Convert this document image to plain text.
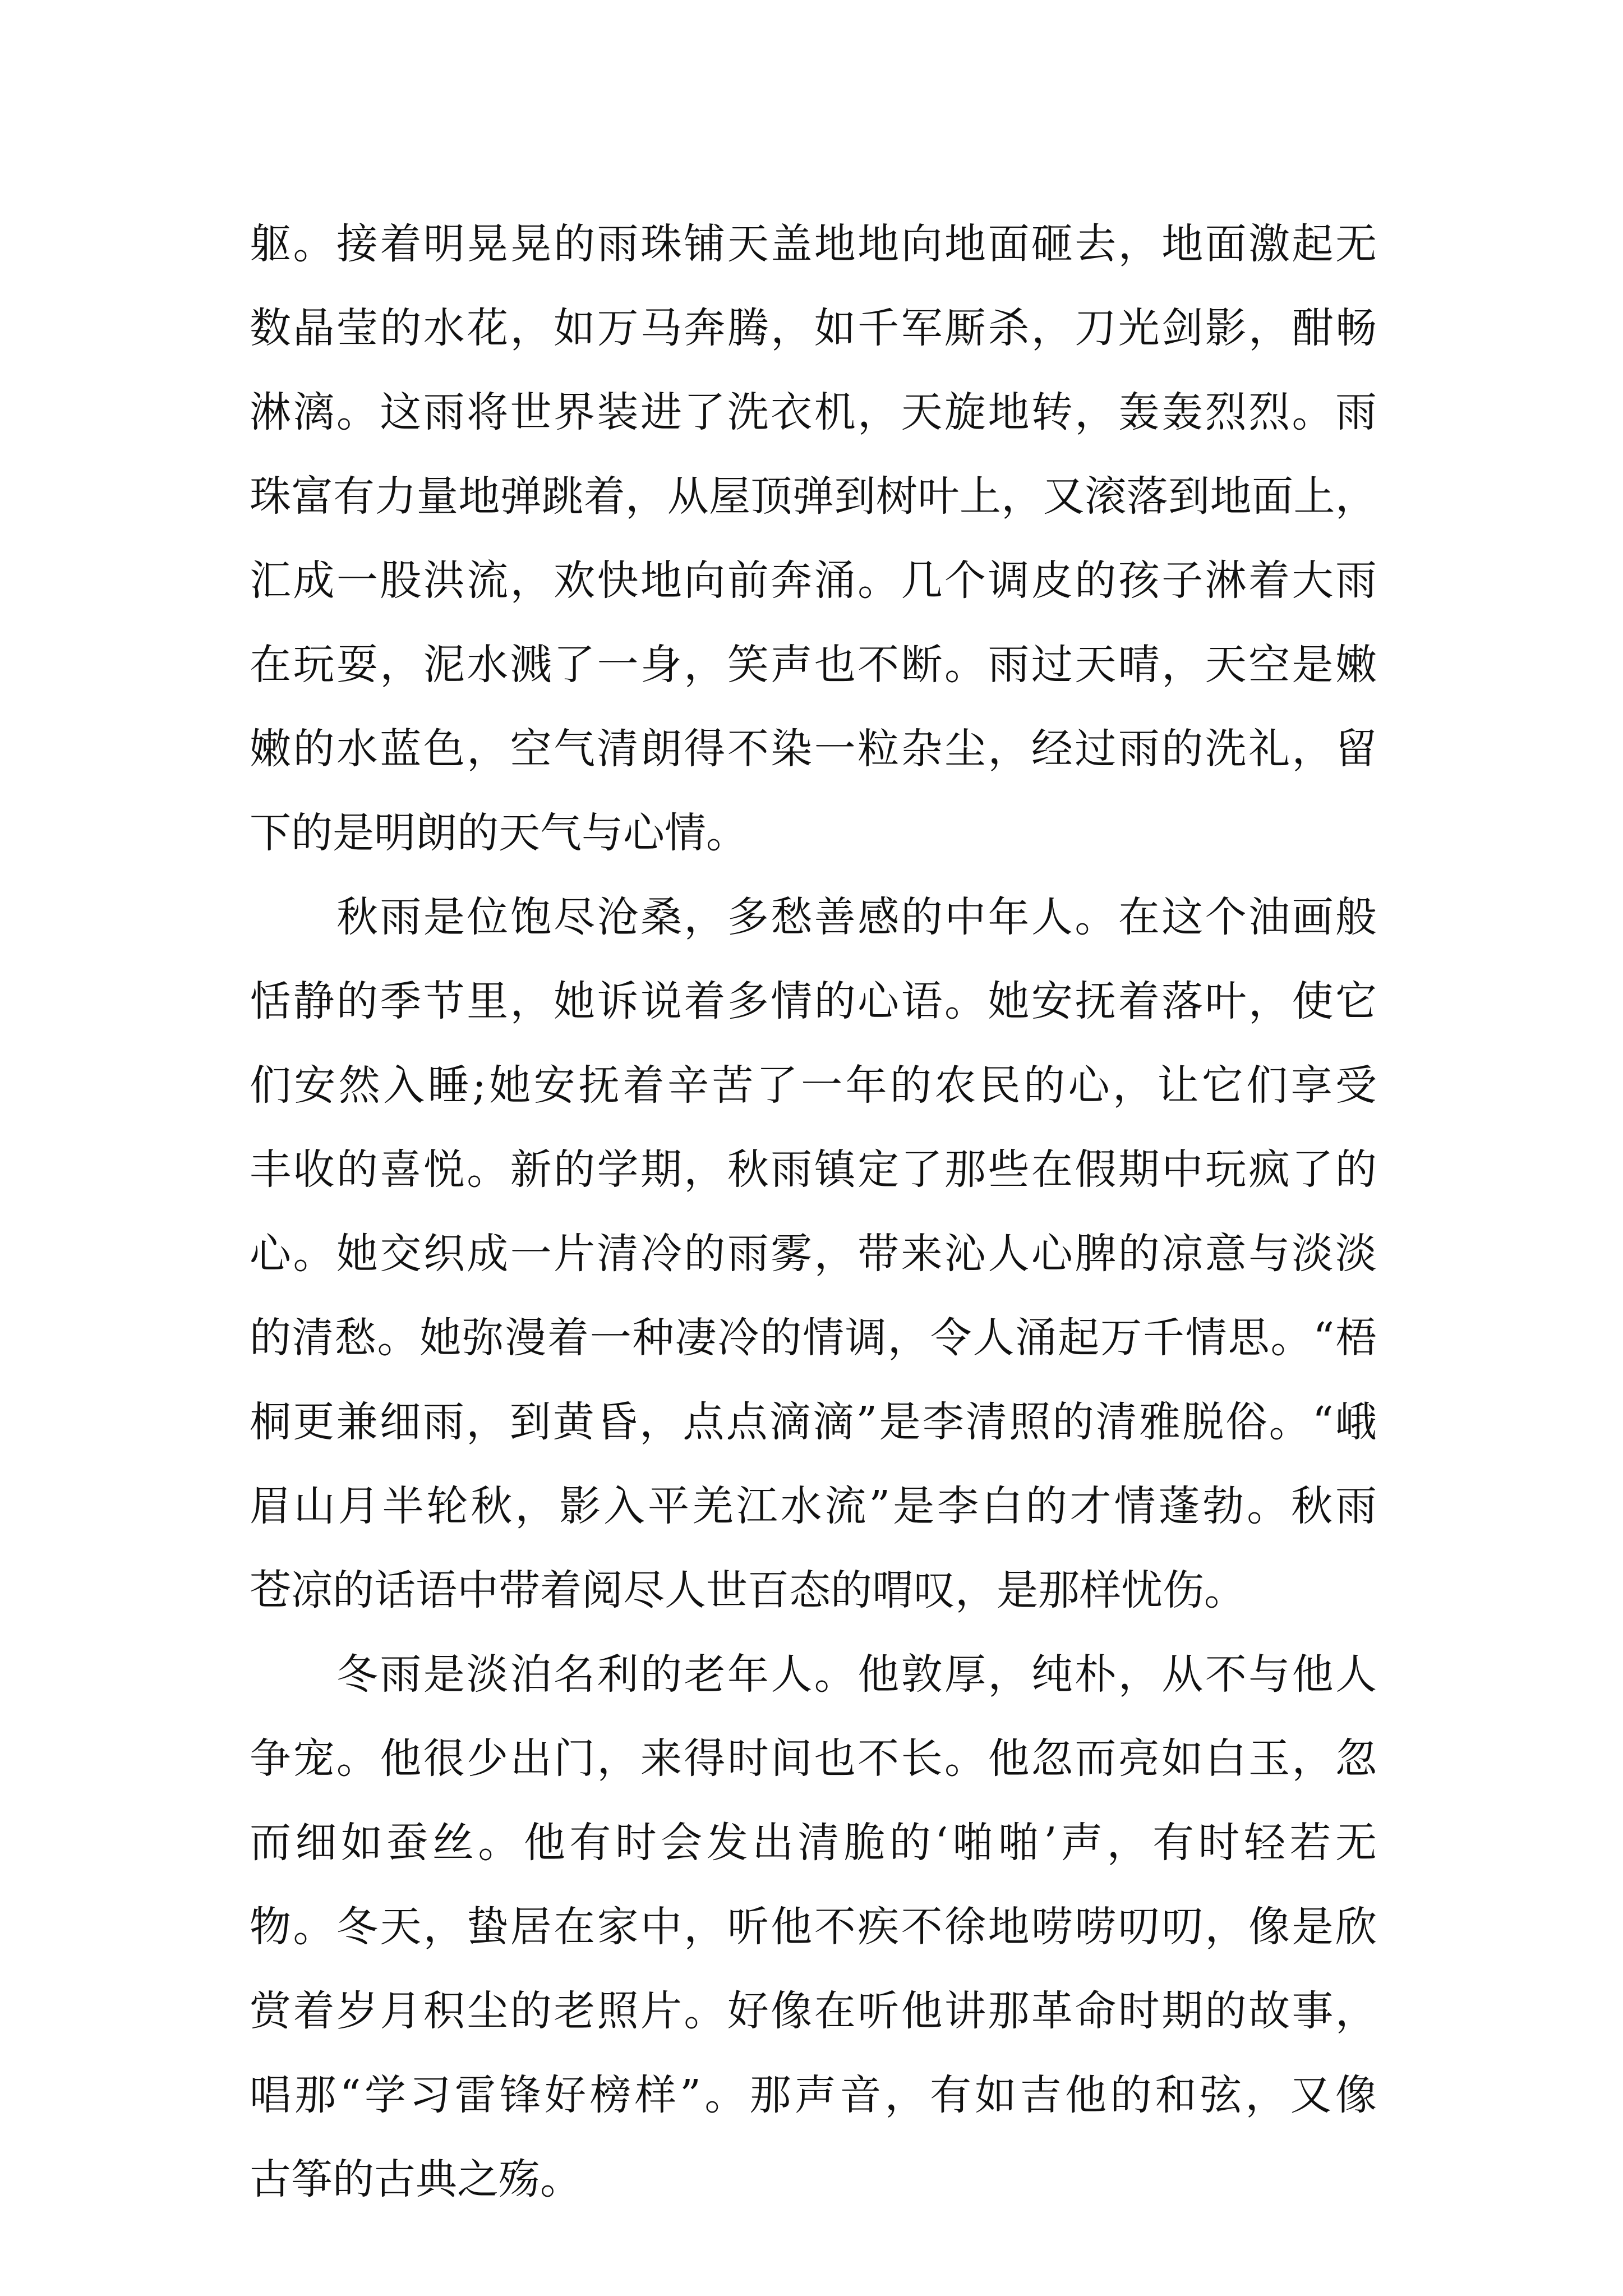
躯。接着明晃晃的雨珠铺天盖地地向地面砸去，地面激起无
数晶莹的水花，如万马奔腾，如千军厮杀，刀光剑影，酣畅
淋漓。这雨将世界装进了洗衣机，天旋地转，轰轰烈烈。雨
珠富有力量地弹跳着，从屋顶弹到树叶上，又滚落到地面上，
汇成一股洪流，欢快地向前奔涌。几个调皮的孩子淋着大雨
在玩耍，泥水溅了一身，笑声也不断。雨过天晴，天空是嫩
嫩的水蓝色，空气清朗得不染一粒杂尘，经过雨的洗礼，留
下的是明朗的天气与心情。
秋雨是位饱尽沧桑，多愁善感的中年人。在这个油画般
恬静的季节里，她诉说着多情的心语。她安抚着落叶，使它
们安然入睡;她安抚着辛苦了一年的农民的心，让它们享受
丰收的喜悦。新的学期，秋雨镇定了那些在假期中玩疯了的
心。她交织成一片清冷的雨雾，带来沁人心脾的凉意与淡淡
的清愁。她弥漫着一种凄冷的情调，令人涌起万千情思。“梧
桐更兼细雨，到黄昏，点点滴滴”是李清照的清雅脱俗。“峨
眉山月半轮秋，影入平羌江水流”是李白的才情蓬勃。秋雨
苍凉的话语中带着阅尽人世百态的喟叹，是那样忧伤。
冬雨是淡泊名利的老年人。他敦厚，纯朴，从不与他人
争宠。他很少出门，来得时间也不长。他忽而亮如白玉，忽
而细如蚕丝。他有时会发出清脆的‘啪啪’声，有时轻若无
物。冬天，蛰居在家中，听他不疾不徐地唠唠叨叨，像是欣
赏着岁月积尘的老照片。好像在听他讲那革命时期的故事，
唱那“学习雷锋好榜样”。那声音，有如吉他的和弦，又像
古筝的古典之殇。
